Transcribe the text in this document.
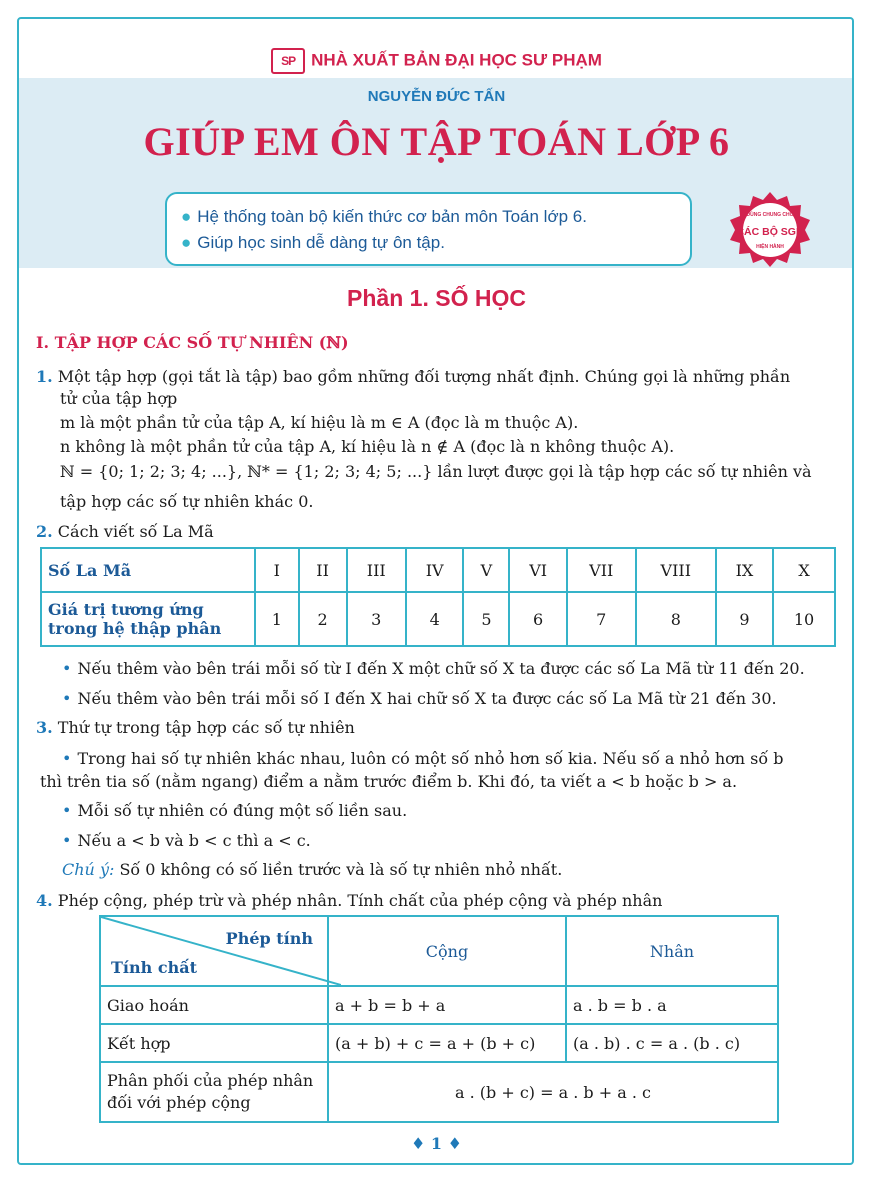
SP NHÀ XUẤT BẢN ĐẠI HỌC SƯ PHẠM
NGUYỄN ĐỨC TẤN
GIÚP EM ÔN TẬP TOÁN LỚP 6
● Hệ thống toàn bộ kiến thức cơ bản môn Toán lớp 6.
● Giúp học sinh dễ dàng tự ôn tập.
DÙNG CHUNG CHO
CÁC BỘ SGK
HIỆN HÀNH
Phần 1. SỐ HỌC
I. TẬP HỢP CÁC SỐ TỰ NHIÊN (ℕ)
1. Một tập hợp (gọi tắt là tập) bao gồm những đối tượng nhất định. Chúng gọi là những phần
tử của tập hợp
m là một phần tử của tập A, kí hiệu là m ∈ A (đọc là m thuộc A).
n không là một phần tử của tập A, kí hiệu là n ∉ A (đọc là n không thuộc A).
ℕ = {0; 1; 2; 3; 4; ...}, ℕ* = {1; 2; 3; 4; 5; ...} lần lượt được gọi là tập hợp các số tự nhiên và
tập hợp các số tự nhiên khác 0.
2. Cách viết số La Mã
Số La Mã	I	II	III	IV	V	VI	VII	VIII	IX	X
Giá trị tương ứng trong hệ thập phân	1	2	3	4	5	6	7	8	9	10
• Nếu thêm vào bên trái mỗi số từ I đến X một chữ số X ta được các số La Mã từ 11 đến 20.
• Nếu thêm vào bên trái mỗi số I đến X hai chữ số X ta được các số La Mã từ 21 đến 30.
3. Thứ tự trong tập hợp các số tự nhiên
• Trong hai số tự nhiên khác nhau, luôn có một số nhỏ hơn số kia. Nếu số a nhỏ hơn số b
thì trên tia số (nằm ngang) điểm a nằm trước điểm b. Khi đó, ta viết a < b hoặc b > a.
• Mỗi số tự nhiên có đúng một số liền sau.
• Nếu a < b và b < c thì a < c.
Chú ý: Số 0 không có số liền trước và là số tự nhiên nhỏ nhất.
4. Phép cộng, phép trừ và phép nhân. Tính chất của phép cộng và phép nhân
Phép tính
Tính chất	Cộng	Nhân
Giao hoán	a + b = b + a	a . b = b . a
Kết hợp	(a + b) + c = a + (b + c)	(a . b) . c = a . (b . c)

Phân phối của phép nhân
đối với phép cộng	a . (b + c) = a . b + a . c	
♦ 1 ♦
